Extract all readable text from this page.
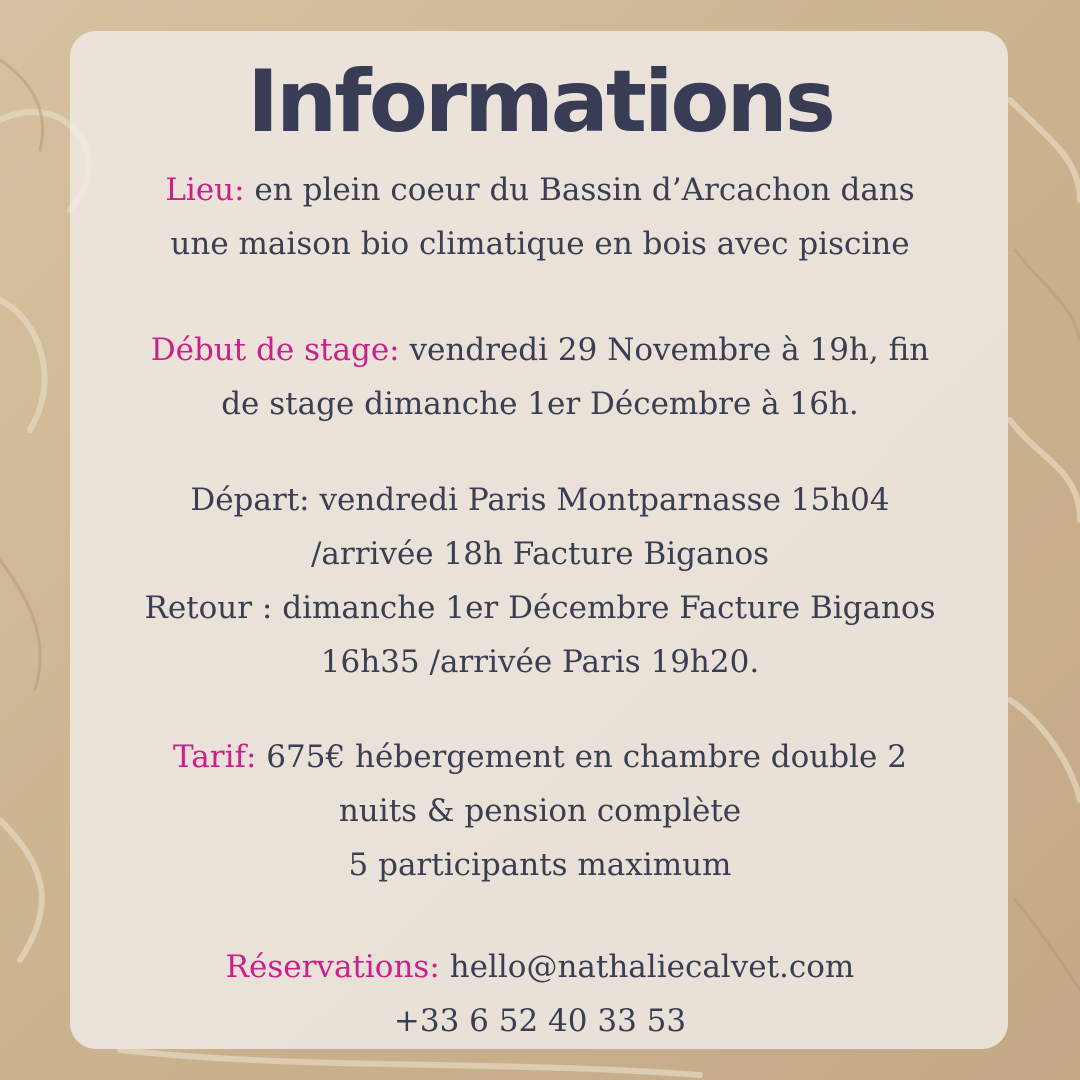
Informations
Lieu: en plein coeur du Bassin d’Arcachon dans
une maison bio climatique en bois avec piscine
Début de stage: vendredi 29 Novembre à 19h, fin
de stage dimanche 1er Décembre à 16h.
Départ: vendredi Paris Montparnasse 15h04
/arrivée 18h Facture Biganos
Retour : dimanche 1er Décembre Facture Biganos
16h35 /arrivée Paris 19h20.
Tarif: 675€ hébergement en chambre double 2
nuits & pension complète
5 participants maximum
Réservations: hello@nathaliecalvet.com
+33 6 52 40 33 53
